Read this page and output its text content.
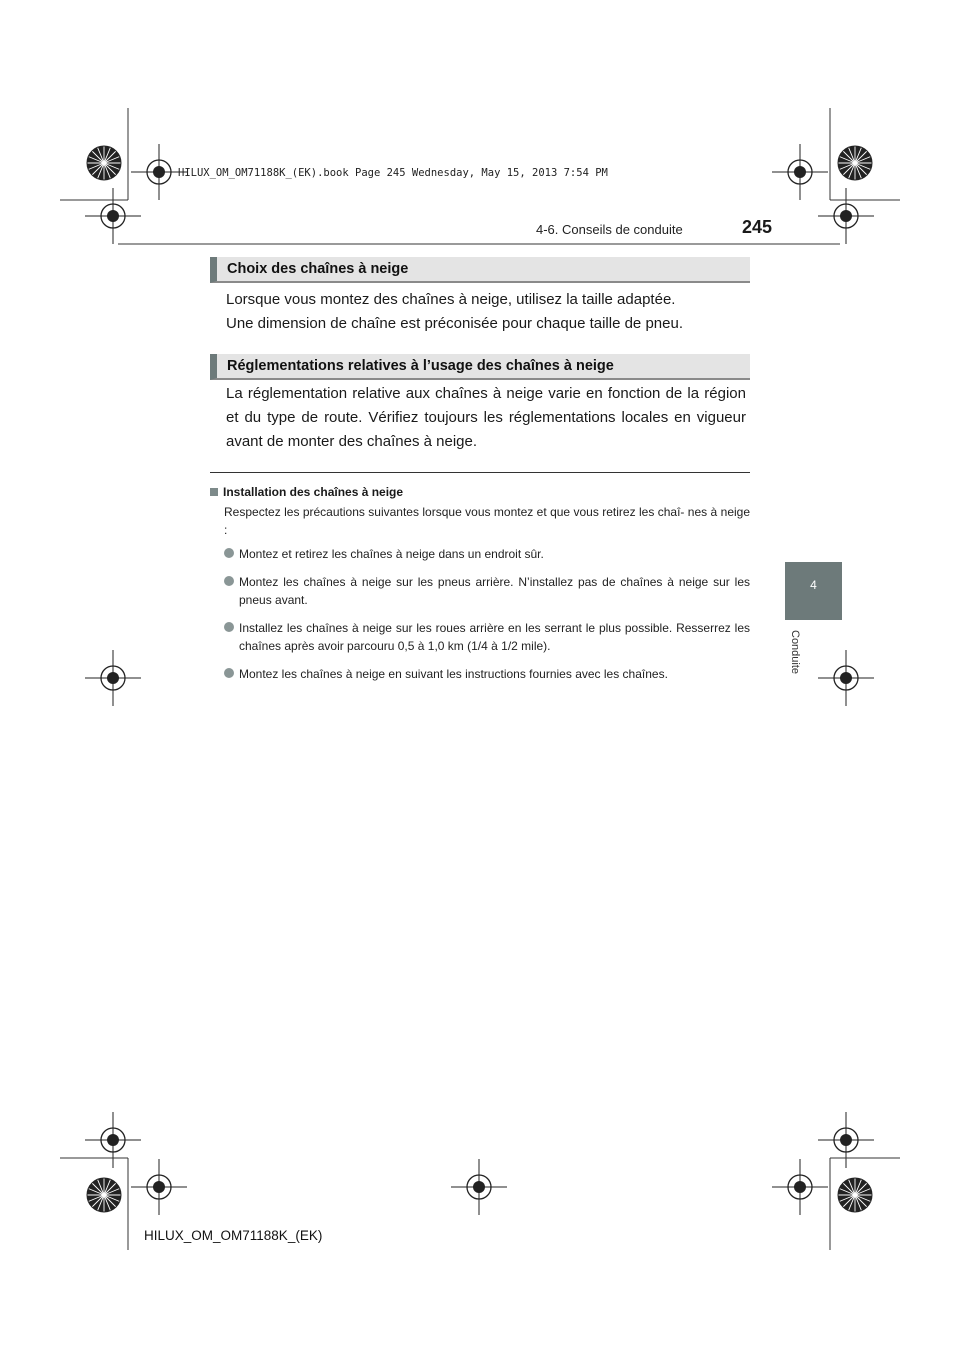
HILUX_OM_OM71188K_(EK).book Page 245 Wednesday, May 15, 2013 7:54 PM
4-6. Conseils de conduite	245
4
Conduite
Choix des chaînes à neige

Lorsque vous montez des chaînes à neige, utilisez la taille adaptée.

Une dimension de chaîne est préconisée pour chaque taille de pneu.

Réglementations relatives à l’usage des chaînes à neige

La réglementation relative aux chaînes à neige varie en fonction de la région et du type de route. Vérifiez toujours les réglementations locales en vigueur avant de monter des chaînes à neige.

Installation des chaînes à neige
Respectez les précautions suivantes lorsque vous montez et que vous retirez les chaî- nes à neige :
Montez et retirez les chaînes à neige dans un endroit sûr.
Montez les chaînes à neige sur les pneus arrière. N’installez pas de chaînes à neige sur les pneus avant.
Installez les chaînes à neige sur les roues arrière en les serrant le plus possible. Resserrez les chaînes après avoir parcouru 0,5 à 1,0 km (1/4 à 1/2 mile).
Montez les chaînes à neige en suivant les instructions fournies avec les chaînes.
HILUX_OM_OM71188K_(EK)
